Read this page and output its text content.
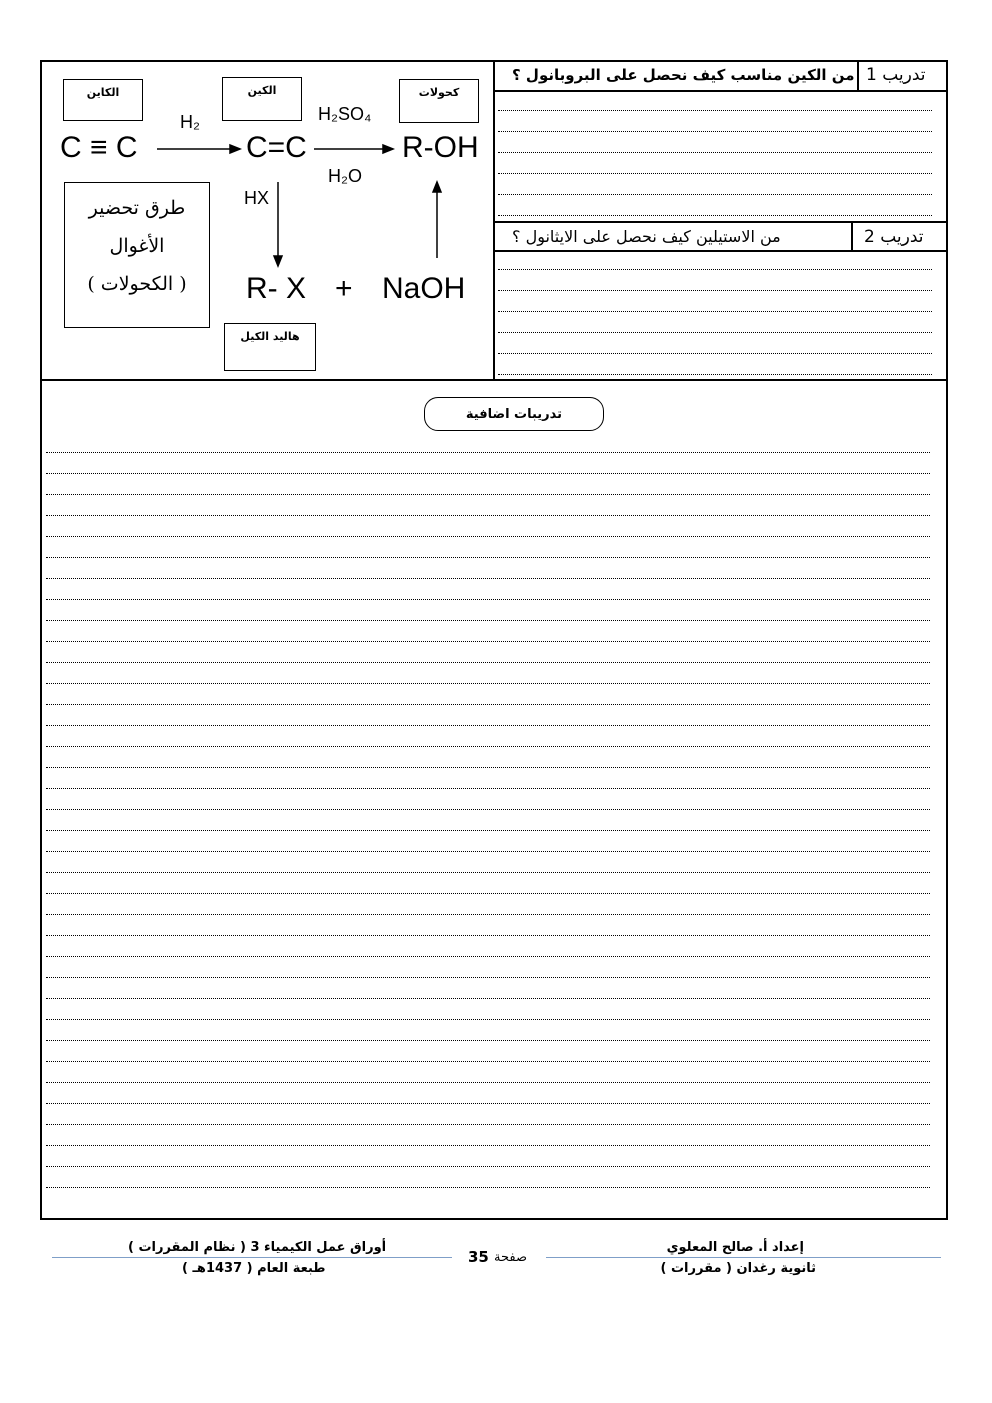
تدريب 1
من الكين مناسب كيف نحصل على البروبانول ؟
تدريب 2
من الاستيلين كيف نحصل على الايثانول ؟
الكاين	الكين	كحولات
هاليد الكيل
C ≡ C	C=C	R-OH
R- X + NaOH
H₂	H₂SO₄
H₂O
HX
طرق تحضير
الأغوال
( الكحولات )
تدريبات اضافية
إعداد أ. صالح المعلوي
ثانوية رغدان ( مقررات )
صفحة
35
أوراق عمل الكيمياء 3 ( نظام المقررات )
طبعة العام ( 1437هـ )
